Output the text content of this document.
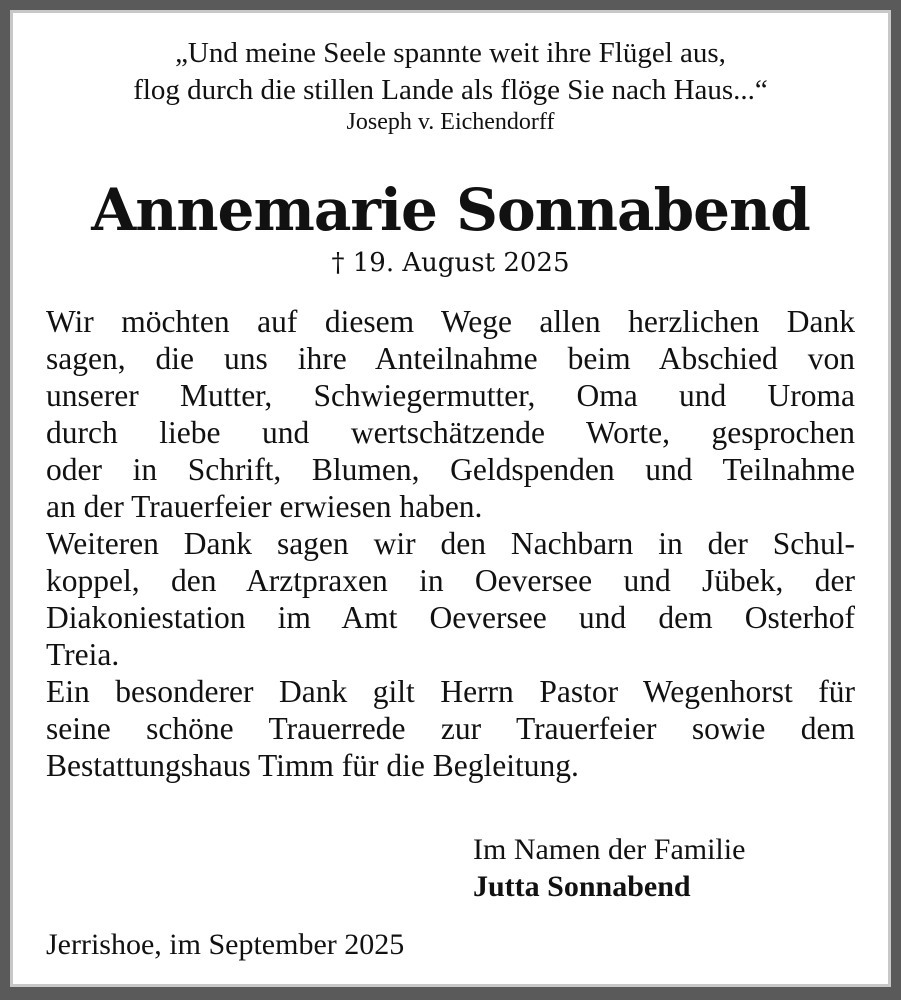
„Und meine Seele spannte weit ihre Flügel aus,
flog durch die stillen Lande als flöge Sie nach Haus...“
Joseph v. Eichendorff
Annemarie Sonnabend
† 19. August 2025

Wir möchten auf diesem Wege allen herzlichen Dank
sagen, die uns ihre Anteilnahme beim Abschied von
unserer Mutter, Schwiegermutter, Oma und Uroma
durch liebe und wertschätzende Worte, gesprochen
oder in Schrift, Blumen, Geldspenden und Teilnahme
an der Trauerfeier erwiesen haben.

Weiteren Dank sagen wir den Nachbarn in der Schul-
koppel, den Arztpraxen in Oeversee und Jübek, der
Diakoniestation im Amt Oeversee und dem Osterhof
Treia.

Ein besonderer Dank gilt Herrn Pastor Wegenhorst für
seine schöne Trauerrede zur Trauerfeier sowie dem
Bestattungshaus Timm für die Begleitung.

Im Namen der Familie
Jutta Sonnabend
Jerrishoe, im September 2025
